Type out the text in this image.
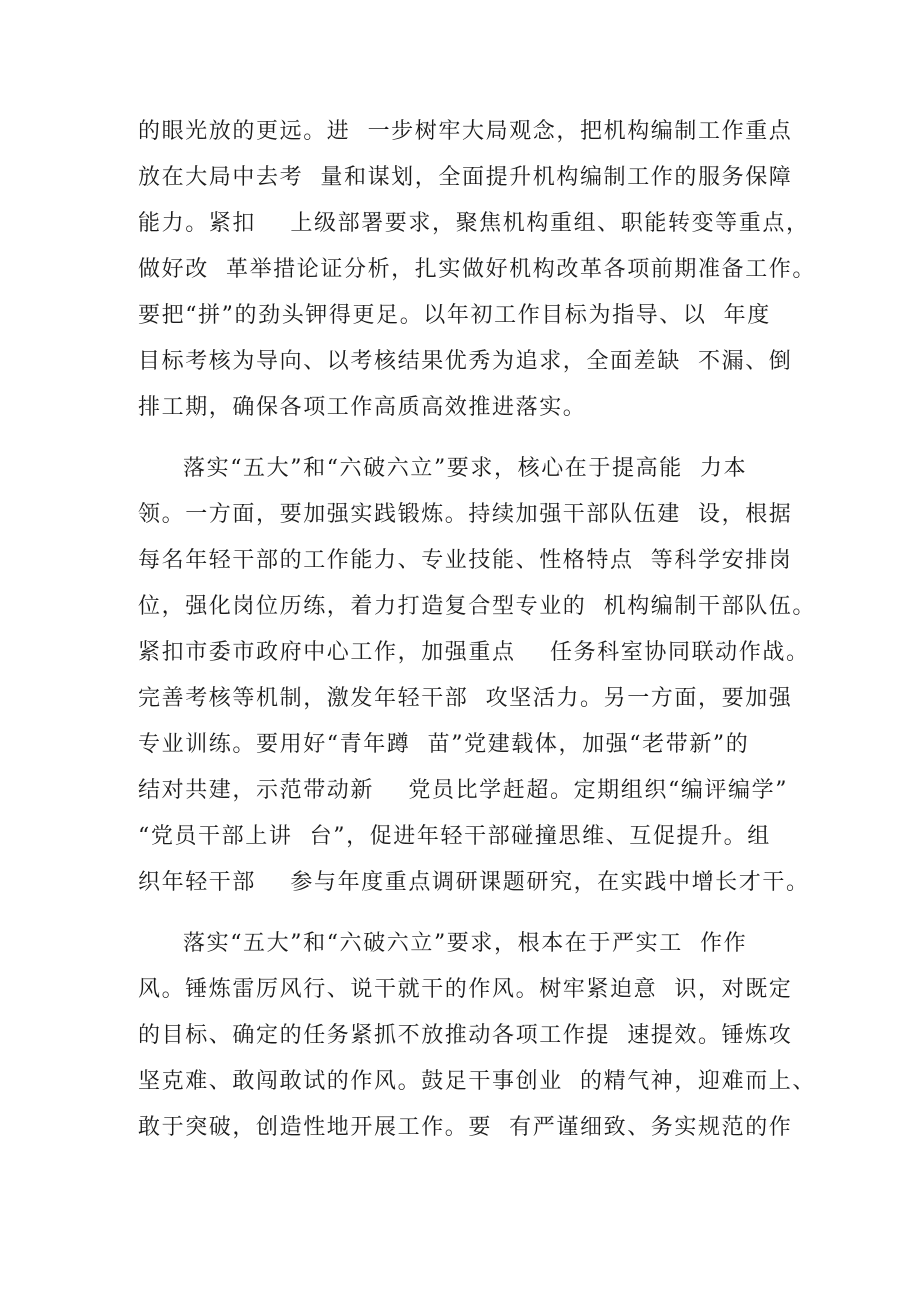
的眼光放的更远。进  一步树牢大局观念，把机构编制工作重点
放在大局中去考  量和谋划，全面提升机构编制工作的服务保障
能力。紧扣    上级部署要求，聚焦机构重组、职能转变等重点，
做好改  革举措论证分析，扎实做好机构改革各项前期准备工作。
要把“拼”的劲头钾得更足。以年初工作目标为指导、以  年度
目标考核为导向、以考核结果优秀为追求，全面差缺  不漏、倒
排工期，确保各项工作高质高效推进落实。
落实“五大”和“六破六立”要求，核心在于提高能  力本
领。一方面，要加强实践锻炼。持续加强干部队伍建  设，根据
每名年轻干部的工作能力、专业技能、性格特点  等科学安排岗
位，强化岗位历练，着力打造复合型专业的  机构编制干部队伍。
紧扣市委市政府中心工作，加强重点    任务科室协同联动作战。
完善考核等机制，激发年轻干部  攻坚活力。另一方面，要加强
专业训练。要用好“青年蹲  苗”党建载体，加强“老带新”的
结对共建，示范带动新    党员比学赶超。定期组织“编评编学”
“党员干部上讲  台”，促进年轻干部碰撞思维、互促提升。组
织年轻干部    参与年度重点调研课题研究，在实践中增长才干。
落实“五大”和“六破六立”要求，根本在于严实工  作作
风。锤炼雷厉风行、说干就干的作风。树牢紧迫意  识，对既定
的目标、确定的任务紧抓不放推动各项工作提  速提效。锤炼攻
坚克难、敢闯敢试的作风。鼓足干事创业  的精气神，迎难而上、
敢于突破，创造性地开展工作。要  有严谨细致、务实规范的作
